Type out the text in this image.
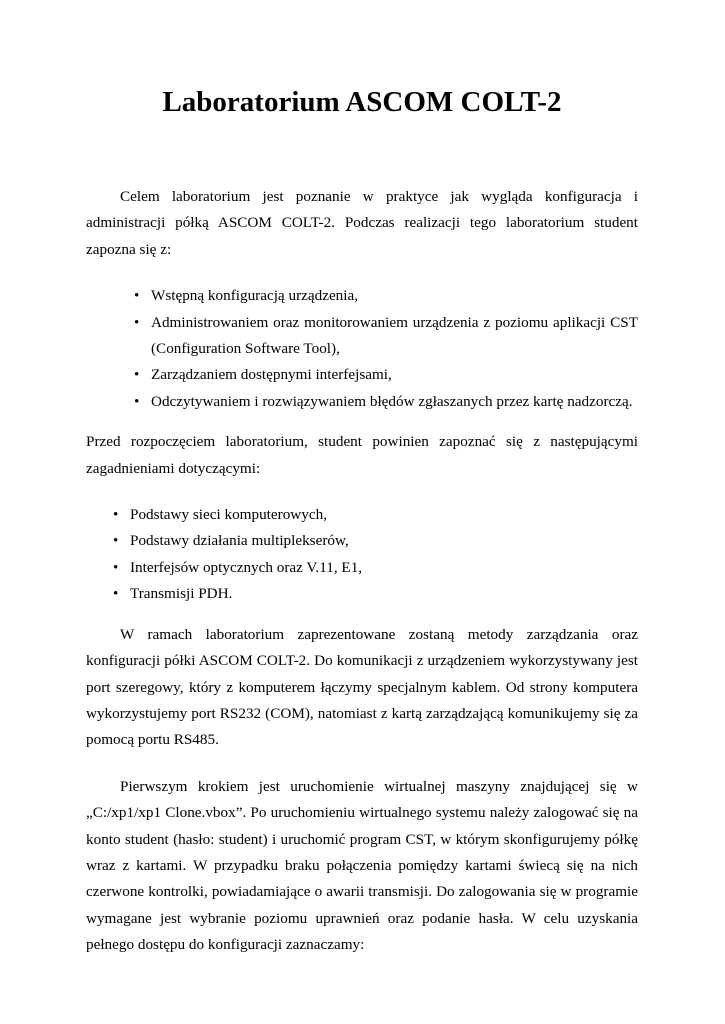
Laboratorium ASCOM COLT-2

Celem laboratorium jest poznanie w praktyce jak wygląda konfiguracja i administracji półką ASCOM COLT-2. Podczas realizacji tego laboratorium student zapozna się z:

• Wstępną konfiguracją urządzenia,
• Administrowaniem oraz monitorowaniem urządzenia z poziomu aplikacji CST (Configuration Software Tool),
• Zarządzaniem dostępnymi interfejsami,
• Odczytywaniem i rozwiązywaniem błędów zgłaszanych przez kartę nadzorczą.

Przed rozpoczęciem laboratorium, student powinien zapoznać się z następującymi zagadnieniami dotyczącymi:

• Podstawy sieci komputerowych,
• Podstawy działania multiplekserów,
• Interfejsów optycznych oraz V.11, E1,
• Transmisji PDH.

W ramach laboratorium zaprezentowane zostaną metody zarządzania oraz konfiguracji półki ASCOM COLT-2. Do komunikacji z urządzeniem wykorzystywany jest port szeregowy, który z komputerem łączymy specjalnym kablem. Od strony komputera wykorzystujemy port RS232 (COM), natomiast z kartą zarządzającą komunikujemy się za pomocą portu RS485.

Pierwszym krokiem jest uruchomienie wirtualnej maszyny znajdującej się w „C:/xp1/xp1 Clone.vbox”. Po uruchomieniu wirtualnego systemu należy zalogować się na konto student (hasło: student) i uruchomić program CST, w którym skonfigurujemy półkę wraz z kartami. W przypadku braku połączenia pomiędzy kartami świecą się na nich czerwone kontrolki, powiadamiające o awarii transmisji. Do zalogowania się w programie wymagane jest wybranie poziomu uprawnień oraz podanie hasła. W celu uzyskania pełnego dostępu do konfiguracji zaznaczamy:
